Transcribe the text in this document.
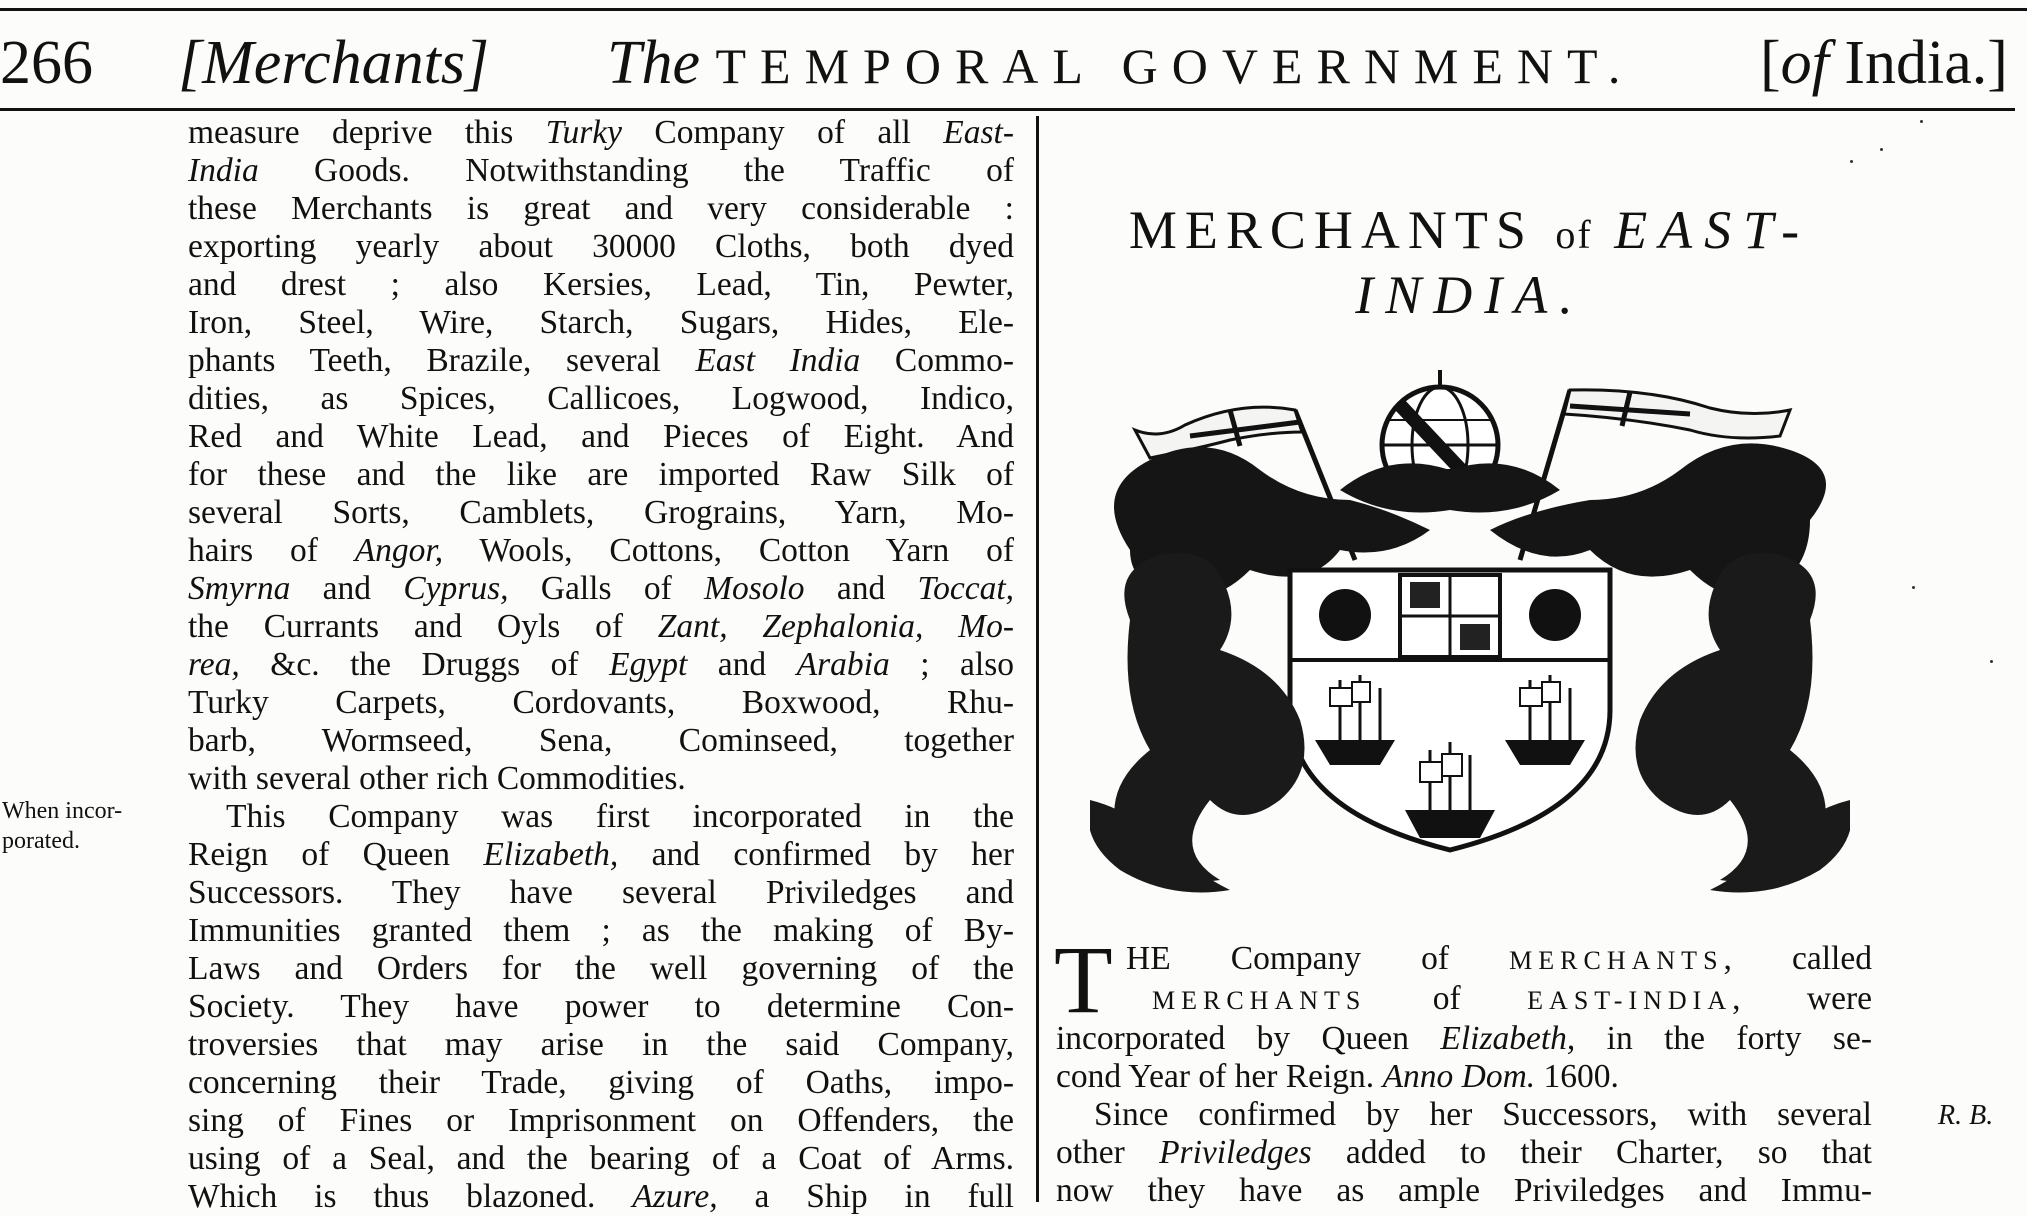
266 [Merchants] The TEMPORAL GOVERNMENT. [of India.]
When incor-
porated.

measure deprive this Turky Company of all East-
India Goods. Notwithstanding the Traffic of
these Merchants is great and very considerable :
exporting yearly about 30000 Cloths, both dyed
and drest ; also Kersies, Lead, Tin, Pewter,
Iron, Steel, Wire, Starch, Sugars, Hides, Ele-
phants Teeth, Brazile, several East India Commo-
dities, as Spices, Callicoes, Logwood, Indico,
Red and White Lead, and Pieces of Eight. And
for these and the like are imported Raw Silk of
several Sorts, Camblets, Grograins, Yarn, Mo-
hairs of Angor, Wools, Cottons, Cotton Yarn of
Smyrna and Cyprus, Galls of Mosolo and Toccat,
the Currants and Oyls of Zant, Zephalonia, Mo-
rea, &c. the Druggs of Egypt and Arabia ; also
Turky Carpets, Cordovants, Boxwood, Rhu-
barb, Wormseed, Sena, Cominseed, together
with several other rich Commodities.

This Company was first incorporated in the
Reign of Queen Elizabeth, and confirmed by her
Successors. They have several Priviledges and
Immunities granted them ; as the making of By-
Laws and Orders for the well governing of the
Society. They have power to determine Con-
troversies that may arise in the said Company,
concerning their Trade, giving of Oaths, impo-
sing of Fines or Imprisonment on Offenders, the
using of a Seal, and the bearing of a Coat of Arms.
Which is thus blazoned. Azure, a Ship in full

MERCHANTS of EAST-
INDIA.
T HE Company of MERCHANTS, called
MERCHANTS of EAST-INDIA, were
incorporated by Queen Elizabeth, in the forty se-
cond Year of her Reign. Anno Dom. 1600.

Since confirmed by her Successors, with several
other Priviledges added to their Charter, so that
now they have as ample Priviledges and Immu-

R. B.
